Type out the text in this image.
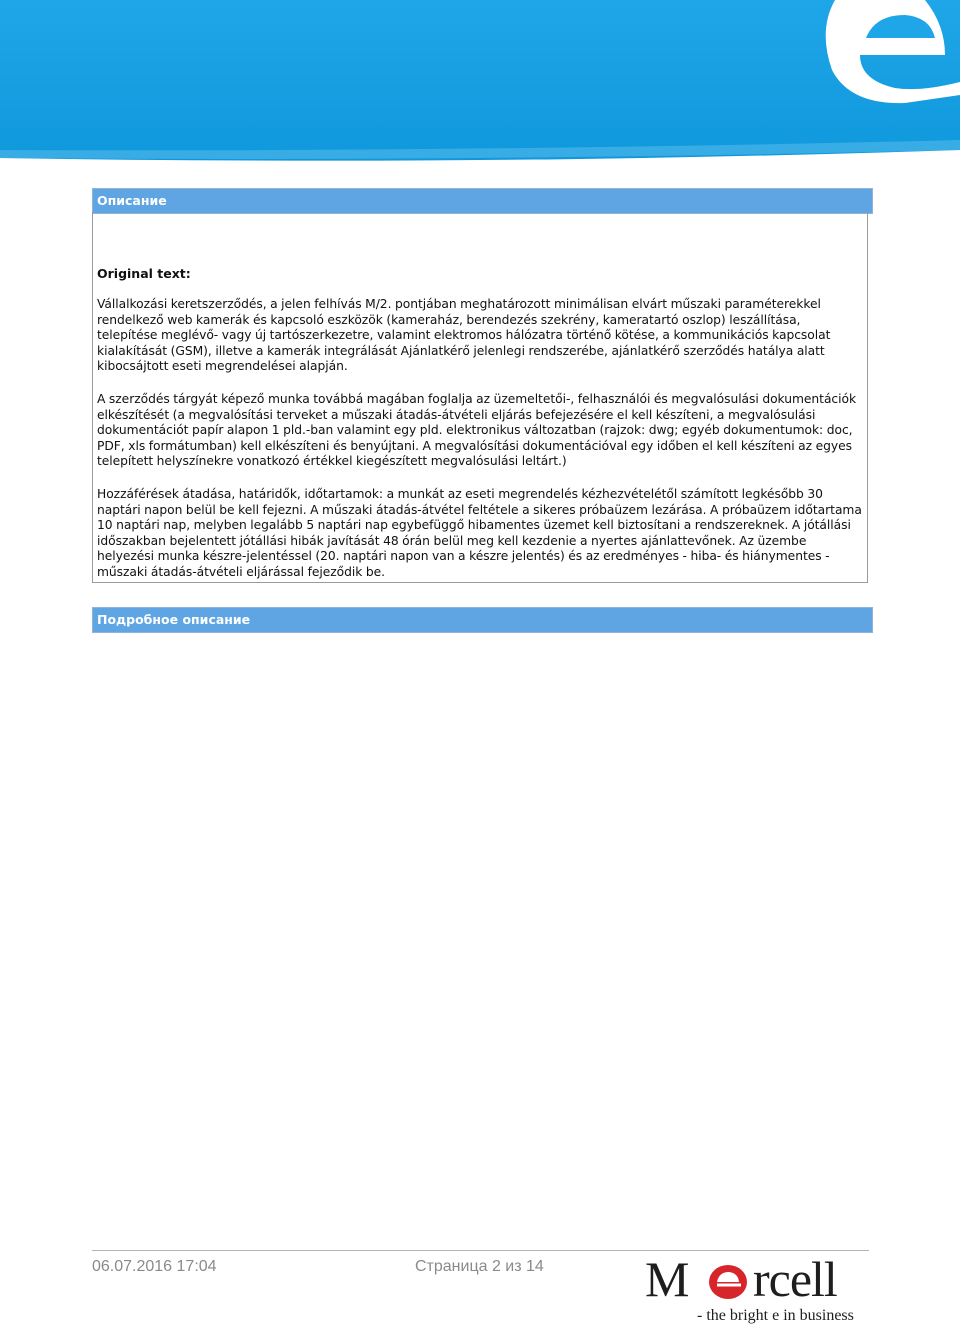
Описание
Original text:

Vállalkozási keretszerződés, a jelen felhívás M/2. pontjában meghatározott minimálisan elvárt műszaki paraméterekkel rendelkező web kamerák és kapcsoló eszközök (kameraház, berendezés szekrény, kameratartó oszlop) leszállítása, telepítése meglévő- vagy új tartószerkezetre, valamint elektromos hálózatra történő kötése, a kommunikációs kapcsolat kialakítását (GSM), illetve a kamerák integrálását Ajánlatkérő jelenlegi rendszerébe, ajánlatkérő szerződés hatálya alatt kibocsájtott eseti megrendelései alapján.

A szerződés tárgyát képező munka továbbá magában foglalja az üzemeltetői-, felhasználói és megvalósulási dokumentációk elkészítését (a megvalósítási terveket a műszaki átadás-átvételi eljárás befejezésére el kell készíteni, a megvalósulási dokumentációt papír alapon 1 pld.-ban valamint egy pld. elektronikus változatban (rajzok: dwg; egyéb dokumentumok: doc, PDF, xls formátumban) kell elkészíteni és benyújtani. A megvalósítási dokumentációval egy időben el kell készíteni az egyes telepített helyszínekre vonatkozó értékkel kiegészített megvalósulási leltárt.)

Hozzáférések átadása, határidők, időtartamok: a munkát az eseti megrendelés kézhezvételétől számított legkésőbb 30 naptári napon belül be kell fejezni. A műszaki átadás-átvétel feltétele a sikeres próbaüzem lezárása. A próbaüzem időtartama 10 naptári nap, melyben legalább 5 naptári nap egybefüggő hibamentes üzemet kell biztosítani a rendszereknek. A jótállási időszakban bejelentett jótállási hibák javítását 48 órán belül meg kell kezdenie a nyertes ajánlattevőnek. Az üzembe helyezési munka készre-jelentéssel (20. naptári napon van a készre jelentés) és az eredményes - hiba- és hiánymentes - műszaki átadás-átvételi eljárással fejeződik be.

Подробное описание
06.07.2016 17:04	Страница 2 из 14 M rcell
- the bright e in business
